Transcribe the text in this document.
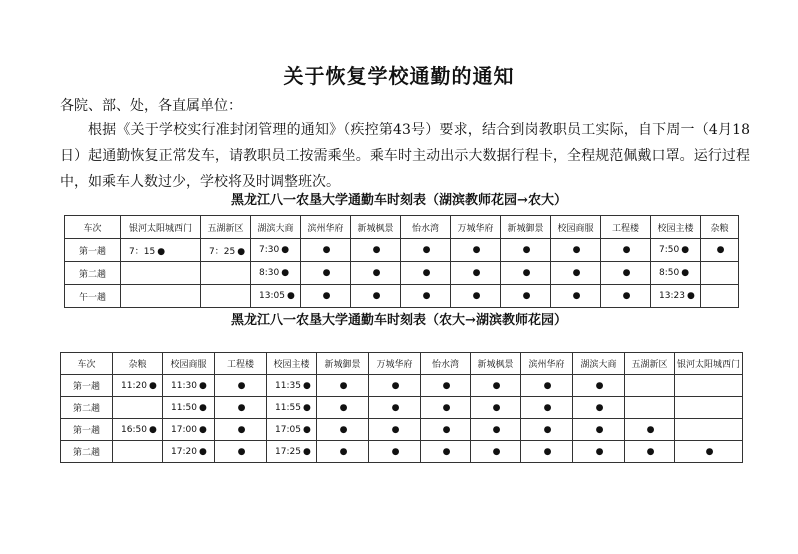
关于恢复学校通勤的通知
各院、部、处，各直属单位：
根据《关于学校实行准封闭管理的通知》（疾控第43号）要求，结合到岗教职员工实际，自下周一（4月18日）起通勤恢复正常发车，请教职员工按需乘坐。乘车时主动出示大数据行程卡，全程规范佩戴口罩。运行过程中，如乘车人数过少，学校将及时调整班次。
黑龙江八一农垦大学通勤车时刻表（湖滨教师花园→农大）
车次	银河太阳城西门	五湖新区	湖滨大商	滨州华府	新城枫景	怡水湾	万城华府	新城御景	校园商服	工程楼	校园主楼	杂粮
第一趟	7：15 ●	7：25 ●	7:30 ●	●	●	●	●	●	●	●	7:50 ●	●
第二趟			8:30 ●	●	●	●	●	●	●	●	8:50 ●	
午一趟			13:05 ●	●	●	●	●	●	●	●	13:23 ●	
黑龙江八一农垦大学通勤车时刻表（农大→湖滨教师花园）
车次	杂粮	校园商服	工程楼	校园主楼	新城御景	万城华府	怡水湾	新城枫景	滨州华府	湖滨大商	五湖新区	银河太阳城西门
第一趟	11:20 ●	11:30 ●	●	11:35 ●	●	●	●	●	●	●		
第二趟		11:50 ●	●	11:55 ●	●	●	●	●	●	●		
第一趟	16:50 ●	17:00 ●	●	17:05 ●	●	●	●	●	●	●	●	
第二趟		17:20 ●	●	17:25 ●	●	●	●	●	●	●	●	●
